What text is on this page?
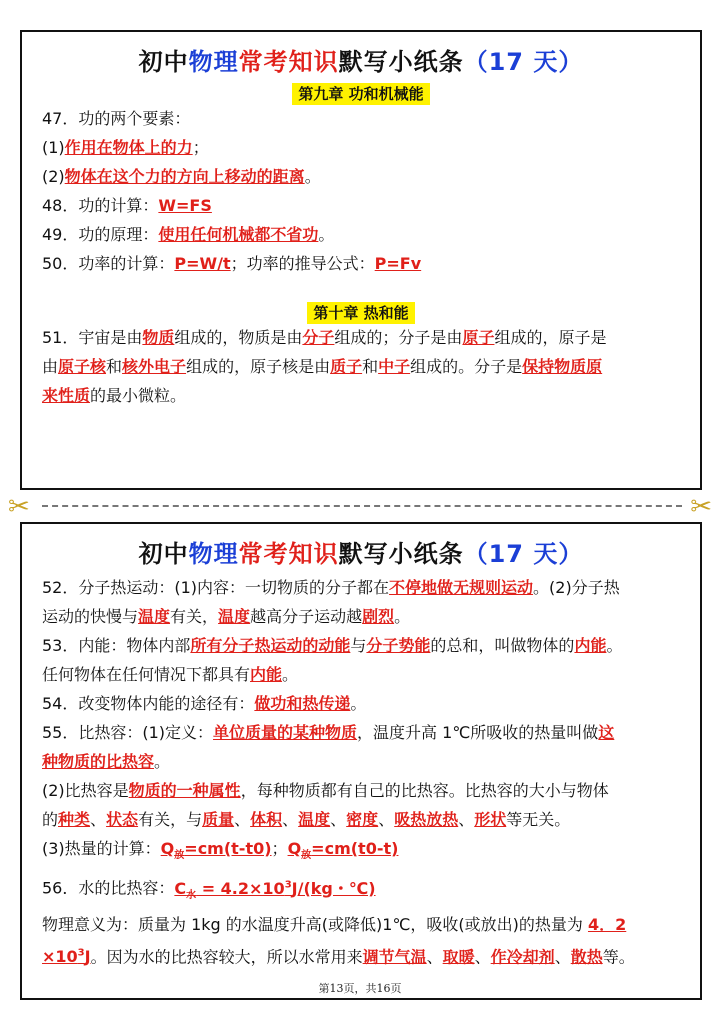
初中物理常考知识默写小纸条（17 天）
第九章 功和机械能
47．功的两个要素：
(1)作用在物体上的力；
(2)物体在这个力的方向上移动的距离。
48．功的计算：W=FS
49．功的原理：使用任何机械都不省功。
50．功率的计算：P=W/t；功率的推导公式：P=Fv
第十章 热和能
51．宇宙是由物质组成的，物质是由分子组成的；分子是由原子组成的，原子是
由原子核和核外电子组成的，原子核是由质子和中子组成的。分子是保持物质原
来性质的最小微粒。
✂	✂
初中物理常考知识默写小纸条（17 天）
52．分子热运动：(1)内容：一切物质的分子都在不停地做无规则运动。(2)分子热
运动的快慢与温度有关，温度越高分子运动越剧烈。
53．内能：物体内部所有分子热运动的动能与分子势能的总和，叫做物体的内能。
任何物体在任何情况下都具有内能。
54．改变物体内能的途径有：做功和热传递。
55．比热容：(1)定义：单位质量的某种物质，温度升高 1℃所吸收的热量叫做这
种物质的比热容。
(2)比热容是物质的一种属性，每种物质都有自己的比热容。比热容的大小与物体
的种类、状态有关，与质量、体积、温度、密度、吸热放热、形状等无关。
(3)热量的计算：$Q_放=cm(t-t0)$；$Q_放=cm(t0-t)$
56．水的比热容：$C_水 = 4.2\times 10^3J/(kg$・℃)
物理意义为：质量为 1kg 的水温度升高(或降低)1℃，吸收(或放出)的热量为 4．2
$\times 10^3J$。因为水的比热容较大，所以水常用来调节气温、取暖、作冷却剂、散热等。
第13页，共16页
